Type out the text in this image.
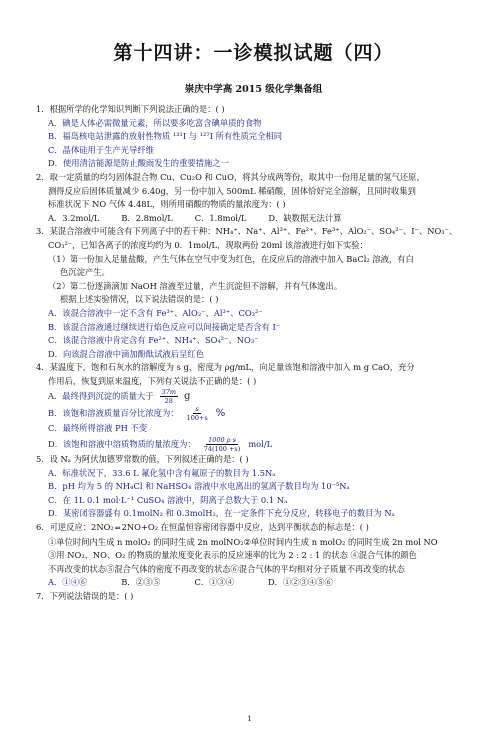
第十四讲：一诊模拟试题（四）
崇庆中学高 2015 级化学集备组

1．根据所学的化学知识判断下列说法正确的是：( )

A．碘是人体必需微量元素，所以要多吃富含碘单质的食物

B．福岛核电站泄露的放射性物质 ¹³¹I 与 ¹²⁷I 所有性质完全相同

C．晶体硅用于生产光导纤维

D．使用清洁能源是防止酸雨发生的重要措施之一

2．取一定质量的均匀固体混合物 Cu、Cu₂O 和 CuO，将其分成两等份，取其中一份用足量的氢气还原，

测得反应后固体质量减少 6.40g，另一份中加入 500mL 稀硝酸，固体恰好完全溶解，且同时收集到

标准状况下 NO 气体 4.48L，则所用硝酸的物质的量浓度为：( )

A．3.2mol/L	B．2.8mol/L	C．1.8mol/L	D．缺数据无法计算

3．某混合溶液中可能含有下列离子中的若干种：NH₄⁺、Na⁺、Al³⁺、Fe²⁺、Fe³⁺、AlO₂⁻、SO₄²⁻、I⁻、NO₃⁻、

CO₃²⁻，已知各离子的浓度均约为 0．1mol/L，现取两份 20ml 该溶液进行如下实验：

（1）第一份加入足量盐酸，产生气体在空气中变为红色，在反应后的溶液中加入 BaCl₂ 溶液，有白

色沉淀产生。

（2）第二份逐滴滴加 NaOH 溶液至过量，产生沉淀但不溶解，并有气体逸出。

根据上述实验情况，以下说法错误的是：( )

A．该混合溶液中一定不含有 Fe³⁺、AlO₂⁻、Al³⁺、CO₃²⁻

B．该混合溶液通过继续进行焰色反应可以间接确定是否含有 I⁻

C．该混合溶液中肯定含有 Fe²⁺、NH₄⁺、SO₄²⁻、NO₃⁻

D．向该混合溶液中滴加酚酞试液后呈红色

4．某温度下，饱和石灰水的溶解度为 s g，密度为 ρg/mL，向足量该饱和溶液中加入 m g CaO，充分

作用后，恢复到原来温度，下列有关说法不正确的是：( )

A．最终得到沉淀的质量大于 $\frac{37m}{28}$ g
B．该饱和溶液质量百分比浓度为： $\frac{s}{100+s}$ %

C．最终所得溶液 PH 不变

D．该饱和溶液中溶质物质的量浓度为： $\frac{\text{1000 ρ s}}{74(100 +s)} mol/L$

5．设 Nₐ 为阿伏加德罗常数的值，下列叙述正确的是：( )

A．标准状况下，33.6 L 氟化氢中含有氟原子的数目为 1.5Nₐ

B．pH 均为 5 的 NH₄Cl 和 NaHSO₄ 溶液中水电离出的氢离子数目均为 10⁻⁵Nₐ

C．在 1L 0.1 mol·L⁻¹ CuSO₄ 溶液中，阴离子总数大于 0.1 Nₐ

D．某密闭容器盛有 0.1molN₂ 和 0.3molH₂，在一定条件下充分反应，转移电子的数目为 Nₐ

6．可逆反应：2NO₂⇌2NO+O₂ 在恒温恒容密闭容器中反应，达到平衡状态的标志是：( )

①单位时间内生成 n molO₂ 的同时生成 2n molNO₂②单位时间内生成 n molO₂ 的同时生成 2n mol NO

③用 NO₂、NO、O₂ 的物质的量浓度变化表示的反应速率的比为 2 : 2 : 1 的状态 ④混合气体的颜色

不再改变的状态⑤混合气体的密度不再改变的状态⑥混合气体的平均相对分子质量不再改变的状态

A．①④⑥	B．②③⑤	C．①③④	D．①②③④⑤⑥

7．下列说法错误的是：( )

1
